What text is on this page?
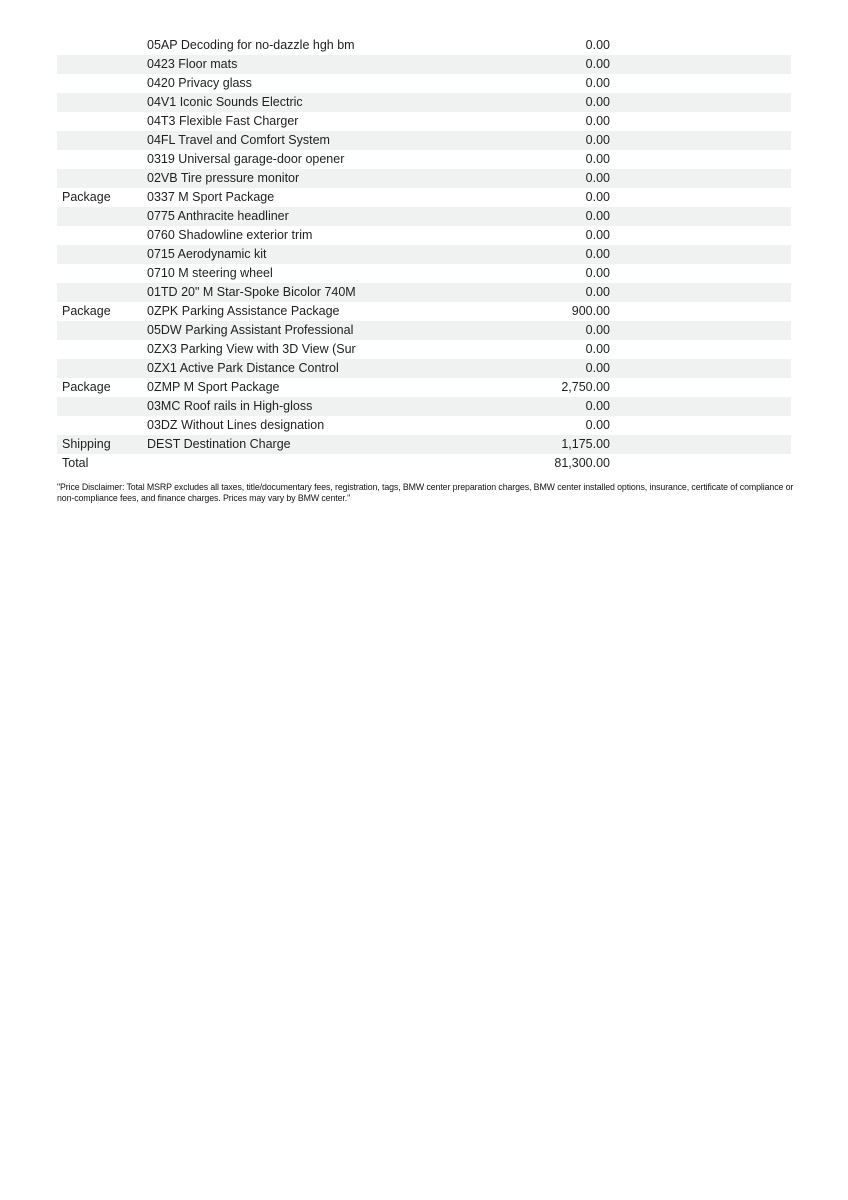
05AP Decoding for no-dazzle hgh bm	0.00
0423 Floor mats	0.00
0420 Privacy glass	0.00
04V1 Iconic Sounds Electric	0.00
04T3 Flexible Fast Charger	0.00
04FL Travel and Comfort System	0.00
0319 Universal garage-door opener	0.00
02VB Tire pressure monitor	0.00
Package	0337 M Sport Package	0.00
0775 Anthracite headliner	0.00
0760 Shadowline exterior trim	0.00
0715 Aerodynamic kit	0.00
0710 M steering wheel	0.00
01TD 20" M Star-Spoke Bicolor 740M	0.00
Package	0ZPK Parking Assistance Package	900.00
05DW Parking Assistant Professional	0.00
0ZX3 Parking View with 3D View (Sur	0.00
0ZX1 Active Park Distance Control	0.00
Package	0ZMP M Sport Package	2,750.00
03MC Roof rails in High-gloss	0.00
03DZ Without Lines designation	0.00
Shipping	DEST Destination Charge	1,175.00
Total	81,300.00
"Price Disclaimer: Total MSRP excludes all taxes, title/documentary fees, registration, tags, BMW center preparation charges, BMW center installed options, insurance, certificate of compliance or non-compliance fees, and finance charges. Prices may vary by BMW center."
